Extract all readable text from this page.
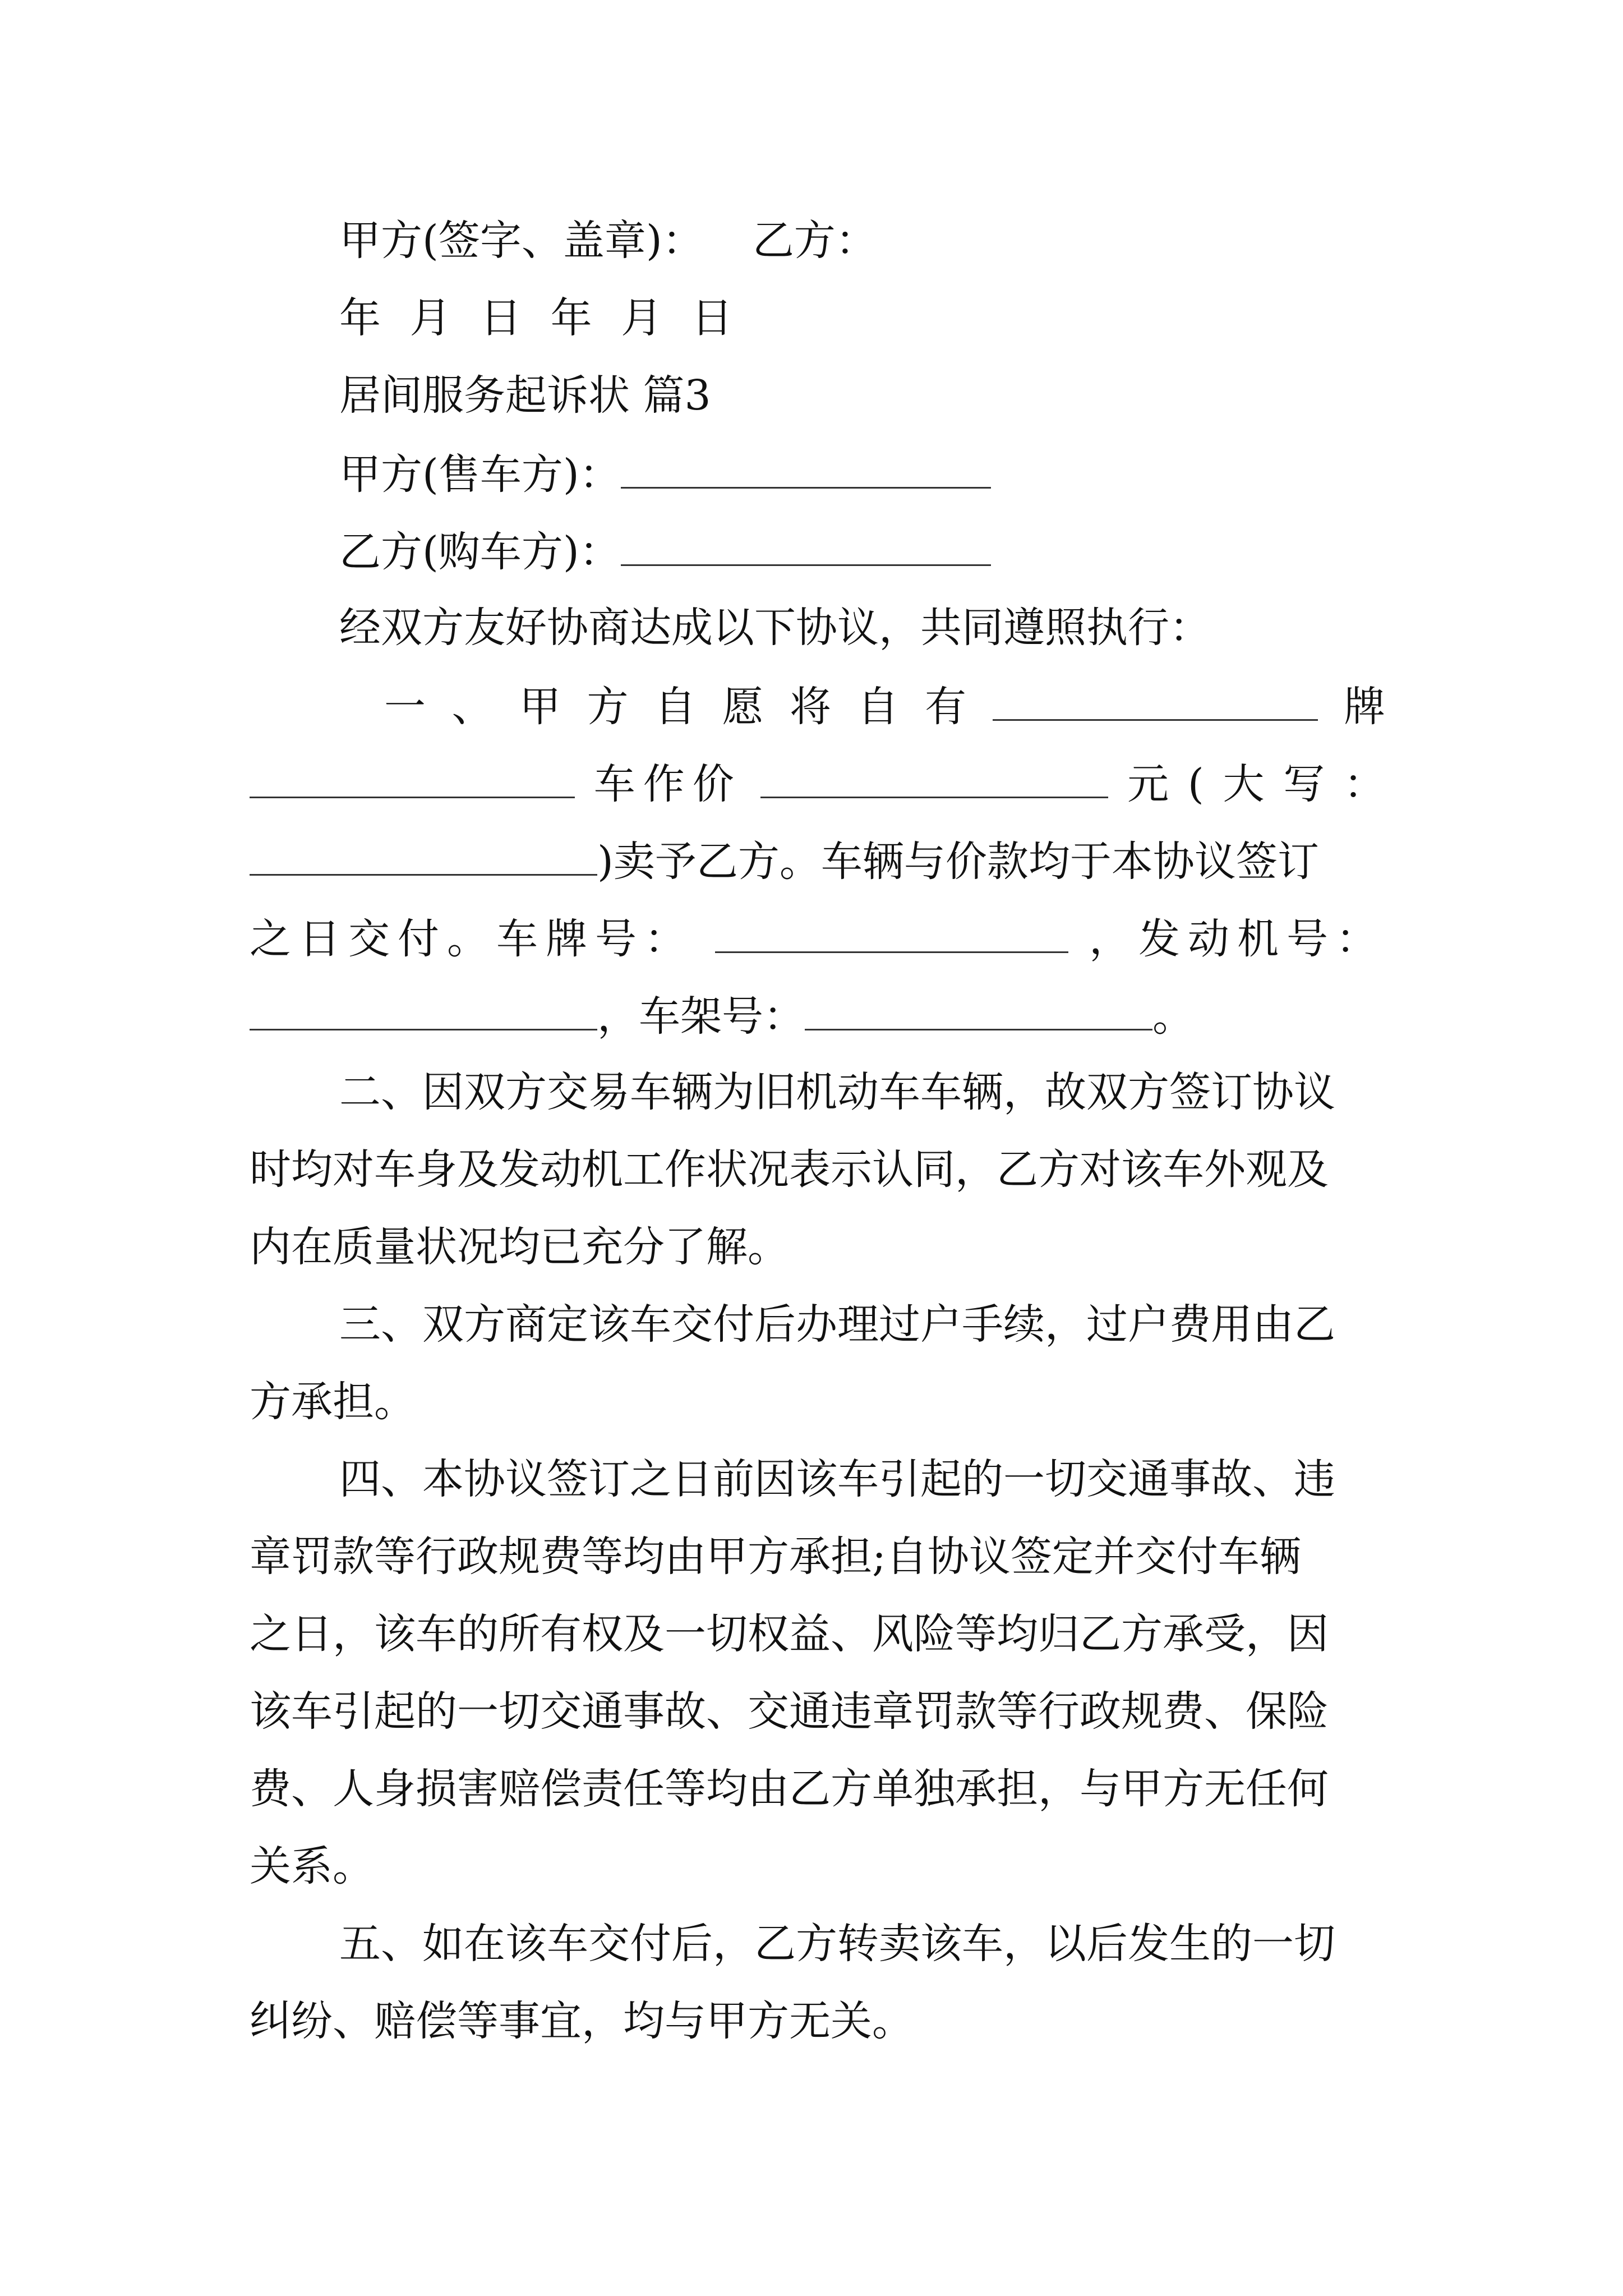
甲方(签字、盖章)： 乙方：
年 月 日 年 月 日
居间服务起诉状 篇3
甲方(售车方)：
乙方(购车方)：
经双方友好协商达成以下协议，共同遵照执行：
一 、 甲 方 自 愿 将 自 有	牌
车作价	元 ( 大 写 ：
)卖予乙方。车辆与价款均于本协议签订
之日交付。车牌号：	，发动机号：
，车架号：	。
二、因双方交易车辆为旧机动车车辆，故双方签订协议
时均对车身及发动机工作状况表示认同，乙方对该车外观及
内在质量状况均已充分了解。
三、双方商定该车交付后办理过户手续，过户费用由乙
方承担。
四、本协议签订之日前因该车引起的一切交通事故、违
章罚款等行政规费等均由甲方承担;自协议签定并交付车辆
之日，该车的所有权及一切权益、风险等均归乙方承受，因
该车引起的一切交通事故、交通违章罚款等行政规费、保险
费、人身损害赔偿责任等均由乙方单独承担，与甲方无任何
关系。
五、如在该车交付后，乙方转卖该车，以后发生的一切
纠纷、赔偿等事宜，均与甲方无关。
